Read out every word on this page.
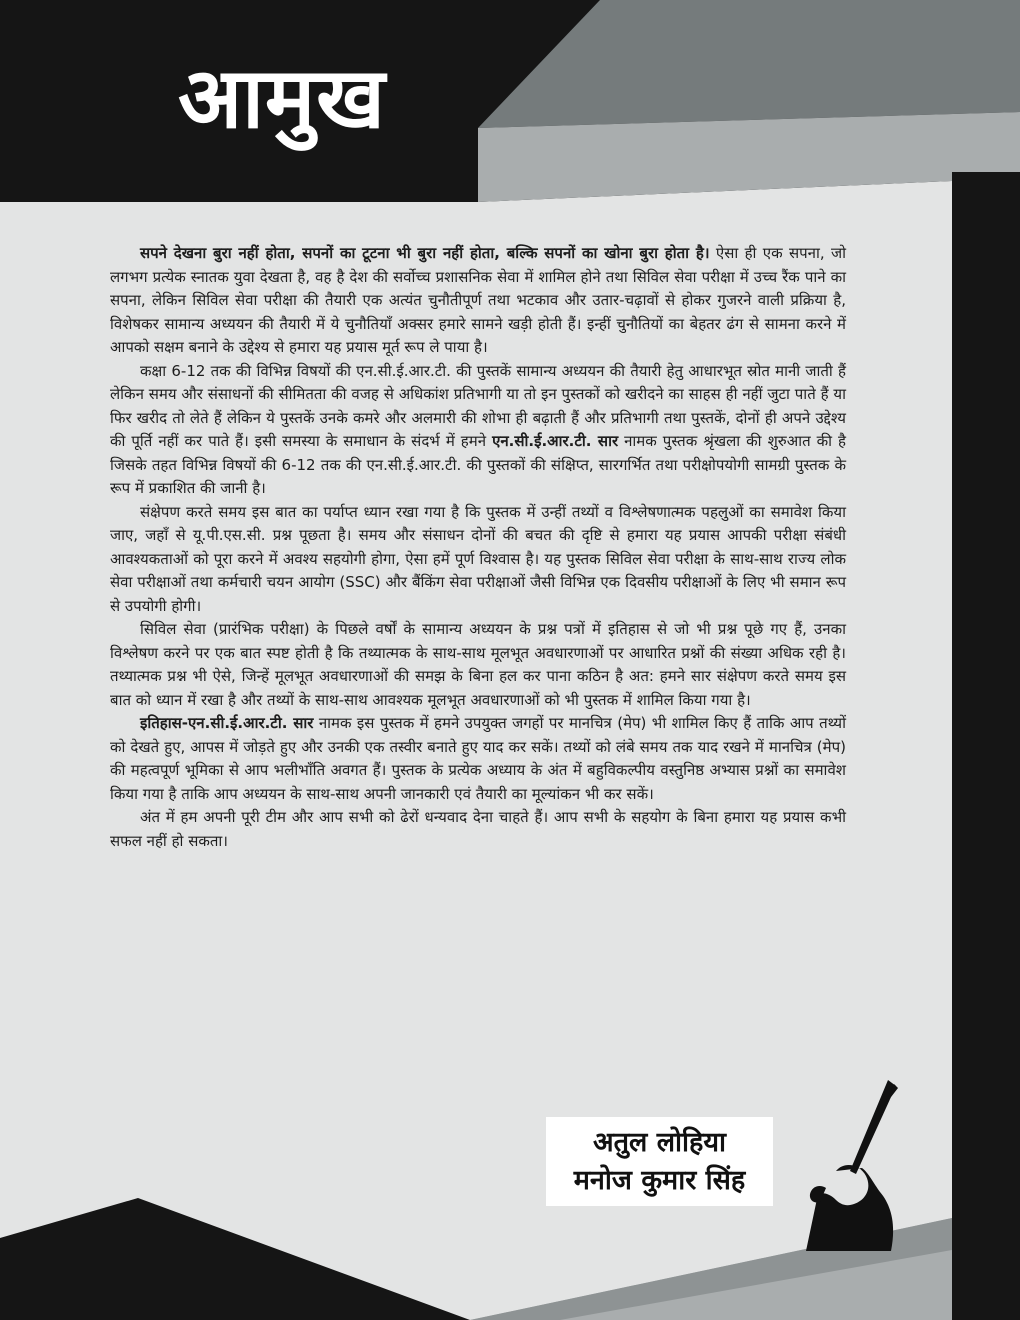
आमुख

सपने देखना बुरा नहीं होता, सपनों का टूटना भी बुरा नहीं होता, बल्कि सपनों का खोना बुरा होता है। ऐसा ही एक सपना, जो लगभग प्रत्येक स्नातक युवा देखता है, वह है देश की सर्वोच्च प्रशासनिक सेवा में शामिल होने तथा सिविल सेवा परीक्षा में उच्च रैंक पाने का सपना, लेकिन सिविल सेवा परीक्षा की तैयारी एक अत्यंत चुनौतीपूर्ण तथा भटकाव और उतार-चढ़ावों से होकर गुजरने वाली प्रक्रिया है, विशेषकर सामान्य अध्ययन की तैयारी में ये चुनौतियाँ अक्सर हमारे सामने खड़ी होती हैं। इन्हीं चुनौतियों का बेहतर ढंग से सामना करने में आपको सक्षम बनाने के उद्देश्य से हमारा यह प्रयास मूर्त रूप ले पाया है।

कक्षा 6-12 तक की विभिन्न विषयों की एन.सी.ई.आर.टी. की पुस्तकें सामान्य अध्ययन की तैयारी हेतु आधारभूत स्रोत मानी जाती हैं लेकिन समय और संसाधनों की सीमितता की वजह से अधिकांश प्रतिभागी या तो इन पुस्तकों को खरीदने का साहस ही नहीं जुटा पाते हैं या फिर खरीद तो लेते हैं लेकिन ये पुस्तकें उनके कमरे और अलमारी की शोभा ही बढ़ाती हैं और प्रतिभागी तथा पुस्तकें, दोनों ही अपने उद्देश्य की पूर्ति नहीं कर पाते हैं। इसी समस्या के समाधान के संदर्भ में हमने एन.सी.ई.आर.टी. सार नामक पुस्तक श्रृंखला की शुरुआत की है जिसके तहत विभिन्न विषयों की 6-12 तक की एन.सी.ई.आर.टी. की पुस्तकों की संक्षिप्त, सारगर्भित तथा परीक्षोपयोगी सामग्री पुस्तक के रूप में प्रकाशित की जानी है।

संक्षेपण करते समय इस बात का पर्याप्त ध्यान रखा गया है कि पुस्तक में उन्हीं तथ्यों व विश्लेषणात्मक पहलुओं का समावेश किया जाए, जहाँ से यू.पी.एस.सी. प्रश्न पूछता है। समय और संसाधन दोनों की बचत की दृष्टि से हमारा यह प्रयास आपकी परीक्षा संबंधी आवश्यकताओं को पूरा करने में अवश्य सहयोगी होगा, ऐसा हमें पूर्ण विश्वास है। यह पुस्तक सिविल सेवा परीक्षा के साथ-साथ राज्य लोक सेवा परीक्षाओं तथा कर्मचारी चयन आयोग (SSC) और बैंकिंग सेवा परीक्षाओं जैसी विभिन्न एक दिवसीय परीक्षाओं के लिए भी समान रूप से उपयोगी होगी।

सिविल सेवा (प्रारंभिक परीक्षा) के पिछले वर्षों के सामान्य अध्ययन के प्रश्न पत्रों में इतिहास से जो भी प्रश्न पूछे गए हैं, उनका विश्लेषण करने पर एक बात स्पष्ट होती है कि तथ्यात्मक के साथ-साथ मूलभूत अवधारणाओं पर आधारित प्रश्नों की संख्या अधिक रही है। तथ्यात्मक प्रश्न भी ऐसे, जिन्हें मूलभूत अवधारणाओं की समझ के बिना हल कर पाना कठिन है अत: हमने सार संक्षेपण करते समय इस बात को ध्यान में रखा है और तथ्यों के साथ-साथ आवश्यक मूलभूत अवधारणाओं को भी पुस्तक में शामिल किया गया है।

इतिहास-एन.सी.ई.आर.टी. सार नामक इस पुस्तक में हमने उपयुक्त जगहों पर मानचित्र (मेप) भी शामिल किए हैं ताकि आप तथ्यों को देखते हुए, आपस में जोड़ते हुए और उनकी एक तस्वीर बनाते हुए याद कर सकें। तथ्यों को लंबे समय तक याद रखने में मानचित्र (मेप) की महत्वपूर्ण भूमिका से आप भलीभाँति अवगत हैं। पुस्तक के प्रत्येक अध्याय के अंत में बहुविकल्पीय वस्तुनिष्ठ अभ्यास प्रश्नों का समावेश किया गया है ताकि आप अध्ययन के साथ-साथ अपनी जानकारी एवं तैयारी का मूल्यांकन भी कर सकें।

अंत में हम अपनी पूरी टीम और आप सभी को ढेरों धन्यवाद देना चाहते हैं। आप सभी के सहयोग के बिना हमारा यह प्रयास कभी सफल नहीं हो सकता।

अतुल लोहिया
मनोज कुमार सिंह
